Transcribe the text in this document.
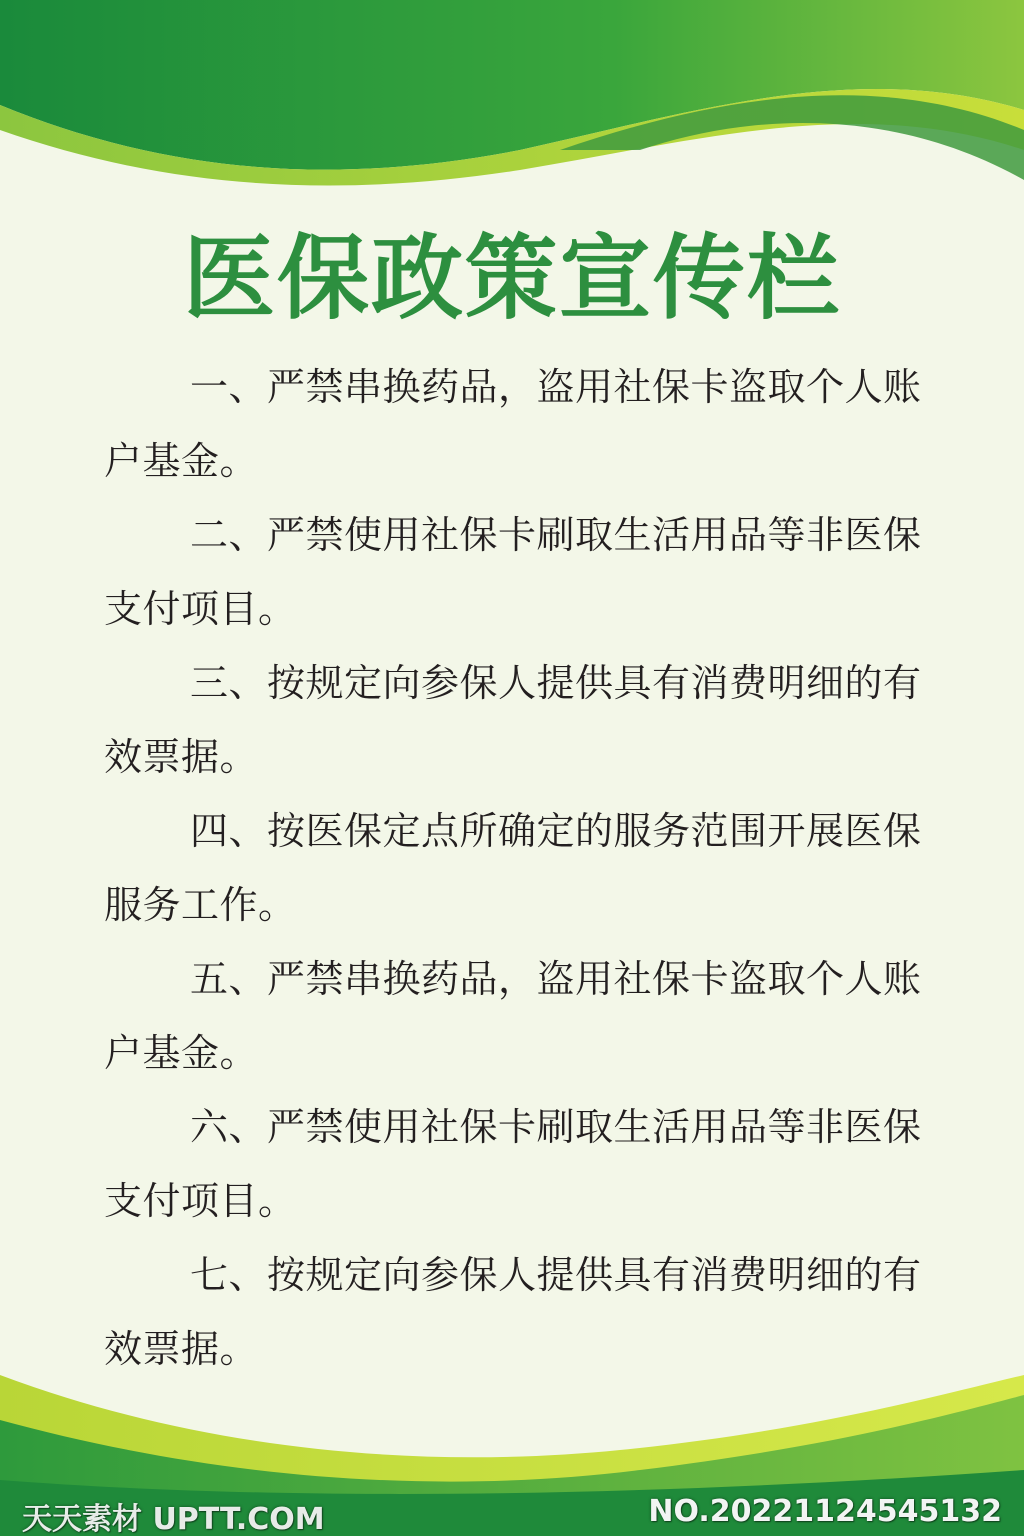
医保政策宣传栏

一、严禁串换药品，盗用社保卡盗取个人账户基金。

二、严禁使用社保卡刷取生活用品等非医保支付项目。

三、按规定向参保人提供具有消费明细的有效票据。

四、按医保定点所确定的服务范围开展医保服务工作。

五、严禁串换药品，盗用社保卡盗取个人账户基金。

六、严禁使用社保卡刷取生活用品等非医保支付项目。

七、按规定向参保人提供具有消费明细的有效票据。

天天素材 UPTT.COM	NO.20221124545132
